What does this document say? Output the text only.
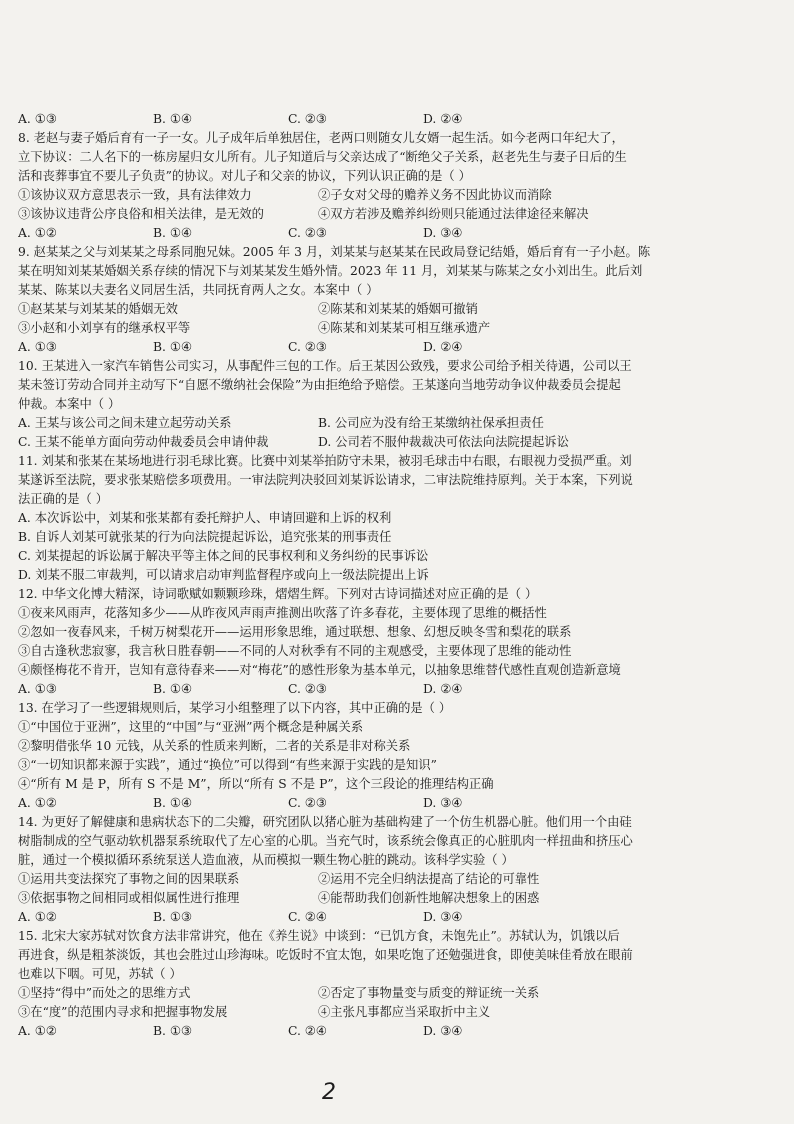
A. ①③	B. ①④	C. ②③	D. ②④
8. 老赵与妻子婚后育有一子一女。儿子成年后单独居住，老两口则随女儿女婿一起生活。如今老两口年纪大了，
立下协议：二人名下的一栋房屋归女儿所有。儿子知道后与父亲达成了“断绝父子关系，赵老先生与妻子日后的生
活和丧葬事宜不要儿子负责”的协议。对儿子和父亲的协议，下列认识正确的是（ ）
①该协议双方意思表示一致，具有法律效力	②子女对父母的赡养义务不因此协议而消除
③该协议违背公序良俗和相关法律，是无效的	④双方若涉及赡养纠纷则只能通过法律途径来解决
A. ①②	B. ①④	C. ②③	D. ③④
9. 赵某某之父与刘某某之母系同胞兄妹。2005 年 3 月，刘某某与赵某某在民政局登记结婚，婚后育有一子小赵。陈
某在明知刘某某婚姻关系存续的情况下与刘某某发生婚外情。2023 年 11 月，刘某某与陈某之女小刘出生。此后刘
某某、陈某以夫妻名义同居生活，共同抚育两人之女。本案中（ ）
①赵某某与刘某某的婚姻无效	②陈某和刘某某的婚姻可撤销
③小赵和小刘享有的继承权平等	④陈某和刘某某可相互继承遗产
A. ①③	B. ①④	C. ②③	D. ②④
10. 王某进入一家汽车销售公司实习，从事配件三包的工作。后王某因公致残，要求公司给予相关待遇，公司以王
某未签订劳动合同并主动写下“自愿不缴纳社会保险”为由拒绝给予赔偿。王某遂向当地劳动争议仲裁委员会提起
仲裁。本案中（ ）
A. 王某与该公司之间未建立起劳动关系	B. 公司应为没有给王某缴纳社保承担责任
C. 王某不能单方面向劳动仲裁委员会申请仲裁	D. 公司若不服仲裁裁决可依法向法院提起诉讼
11. 刘某和张某在某场地进行羽毛球比赛。比赛中刘某举拍防守未果，被羽毛球击中右眼，右眼视力受损严重。刘
某遂诉至法院，要求张某赔偿多项费用。一审法院判决驳回刘某诉讼请求，二审法院维持原判。关于本案，下列说
法正确的是（ ）
A. 本次诉讼中，刘某和张某都有委托辩护人、申请回避和上诉的权利
B. 自诉人刘某可就张某的行为向法院提起诉讼，追究张某的刑事责任
C. 刘某提起的诉讼属于解决平等主体之间的民事权利和义务纠纷的民事诉讼
D. 刘某不服二审裁判，可以请求启动审判监督程序或向上一级法院提出上诉
12. 中华文化博大精深，诗词歌赋如颗颗珍珠，熠熠生辉。下列对古诗词描述对应正确的是（ ）
①夜来风雨声，花落知多少——从昨夜风声雨声推测出吹落了许多春花，主要体现了思维的概括性
②忽如一夜春风来，千树万树梨花开——运用形象思维，通过联想、想象、幻想反映冬雪和梨花的联系
③自古逢秋悲寂寥，我言秋日胜春朝——不同的人对秋季有不同的主观感受，主要体现了思维的能动性
④颇怪梅花不肯开，岂知有意待春来——对“梅花”的感性形象为基本单元，以抽象思维替代感性直观创造新意境
A. ①③	B. ①④	C. ②③	D. ②④
13. 在学习了一些逻辑规则后，某学习小组整理了以下内容，其中正确的是（ ）
①“中国位于亚洲”，这里的“中国”与“亚洲”两个概念是种属关系
②黎明借张华 10 元钱，从关系的性质来判断，二者的关系是非对称关系
③“一切知识都来源于实践”，通过“换位”可以得到“有些来源于实践的是知识”
④“所有 M 是 P，所有 S 不是 M”，所以“所有 S 不是 P”，这个三段论的推理结构正确
A. ①②	B. ①④	C. ②③	D. ③④
14. 为更好了解健康和患病状态下的二尖瓣，研究团队以猪心脏为基础构建了一个仿生机器心脏。他们用一个由硅
树脂制成的空气驱动软机器泵系统取代了左心室的心肌。当充气时，该系统会像真正的心脏肌肉一样扭曲和挤压心
脏，通过一个模拟循环系统泵送人造血液，从而模拟一颗生物心脏的跳动。该科学实验（ ）
①运用共变法探究了事物之间的因果联系	②运用不完全归纳法提高了结论的可靠性
③依据事物之间相同或相似属性进行推理	④能帮助我们创新性地解决想象上的困惑
A. ①②	B. ①③	C. ②④	D. ③④
15. 北宋大家苏轼对饮食方法非常讲究，他在《养生说》中谈到：“已饥方食，未饱先止”。苏轼认为，饥饿以后
再进食，纵是粗茶淡饭，其也会胜过山珍海味。吃饭时不宜太饱，如果吃饱了还勉强进食，即使美味佳肴放在眼前
也难以下咽。可见，苏轼（ ）
①坚持“得中”而处之的思维方式	②否定了事物量变与质变的辩证统一关系
③在“度”的范围内寻求和把握事物发展	④主张凡事都应当采取折中主义
A. ①②	B. ①③	C. ②④	D. ③④
2
